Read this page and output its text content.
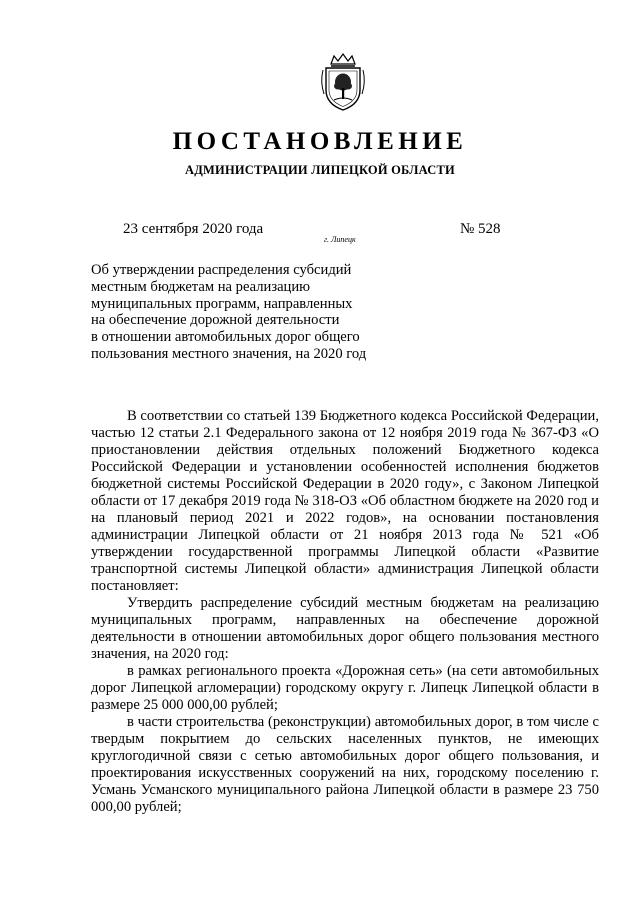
ПОСТАНОВЛЕНИЕ
АДМИНИСТРАЦИИ ЛИПЕЦКОЙ ОБЛАСТИ
23 сентября 2020 года
г. Липецк
№ 528
Об утверждении распределения субсидий
местным бюджетам на реализацию
муниципальных программ, направленных
на обеспечение дорожной деятельности
в отношении автомобильных дорог общего
пользования местного значения, на 2020 год

В соответствии со статьей 139 Бюджетного кодекса Российской Федерации, частью 12 статьи 2.1 Федерального закона от 12 ноября 2019 года № 367-ФЗ «О приостановлении действия отдельных положений Бюджетного кодекса Российской Федерации и установлении особенностей исполнения бюджетов бюджетной системы Российской Федерации в 2020 году», с Законом Липецкой области от 17 декабря 2019 года № 318-ОЗ «Об областном бюджете на 2020 год и на плановый период 2021 и 2022 годов», на основании постановления администрации Липецкой области от 21 ноября 2013 года № 521 «Об утверждении государственной программы Липецкой области «Развитие транспортной системы Липецкой области» администрация Липецкой области постановляет:

Утвердить распределение субсидий местным бюджетам на реализацию муниципальных программ, направленных на обеспечение дорожной деятельности в отношении автомобильных дорог общего пользования местного значения, на 2020 год:

в рамках регионального проекта «Дорожная сеть» (на сети автомобильных дорог Липецкой агломерации) городскому округу г. Липецк Липецкой области в размере 25 000 000,00 рублей;

в части строительства (реконструкции) автомобильных дорог, в том числе с твердым покрытием до сельских населенных пунктов, не имеющих круглогодичной связи с сетью автомобильных дорог общего пользования, и проектирования искусственных сооружений на них, городскому поселению г. Усмань Усманского муниципального района Липецкой области в размере 23 750 000,00 рублей;
